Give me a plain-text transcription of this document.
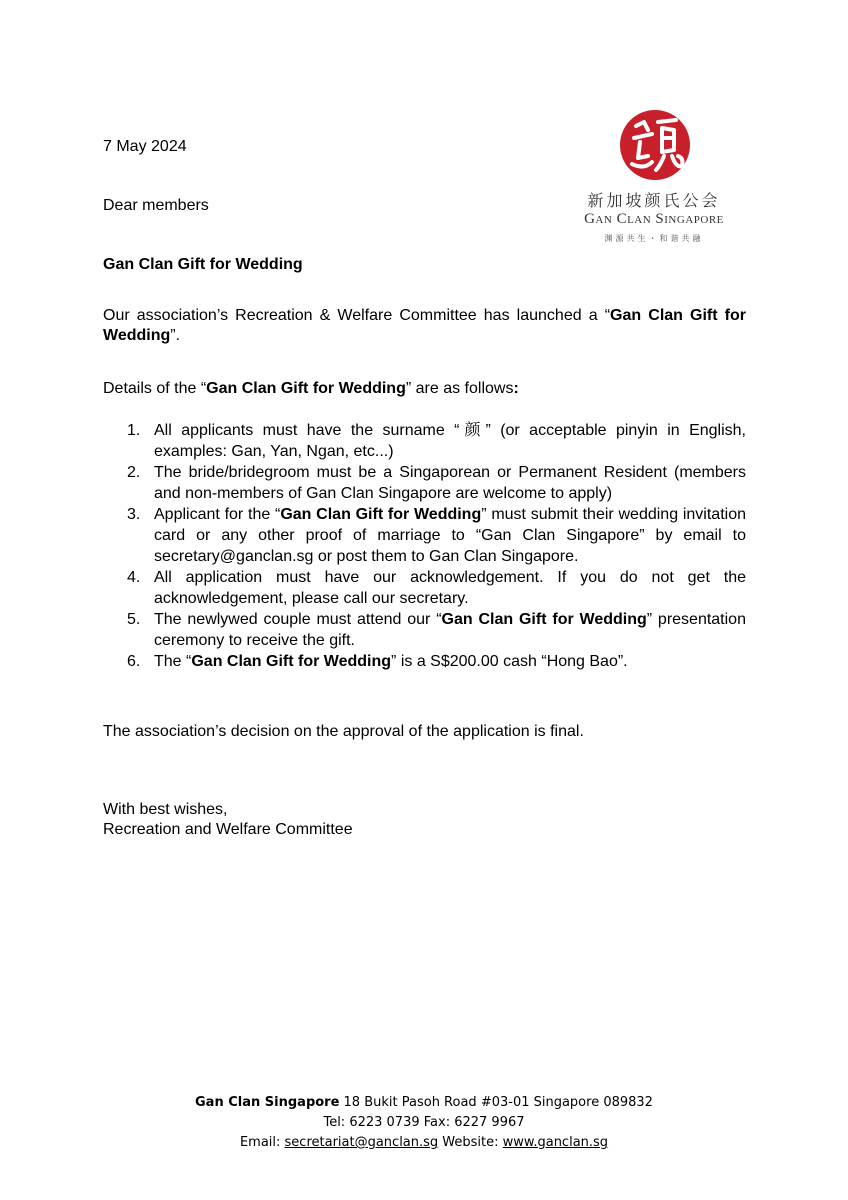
新加坡颜氏公会
Gan Clan Singapore
渊源共生・和谐共融
7 May 2024
Dear members
Gan Clan Gift for Wedding
Our association’s Recreation & Welfare Committee has launched a “Gan Clan Gift for Wedding”.
Details of the “Gan Clan Gift for Wedding” are as follows:
1. All applicants must have the surname “颜” (or acceptable pinyin in English, examples: Gan, Yan, Ngan, etc...)
2. The bride/bridegroom must be a Singaporean or Permanent Resident (members and non-members of Gan Clan Singapore are welcome to apply)
3. Applicant for the “Gan Clan Gift for Wedding” must submit their wedding invitation card or any other proof of marriage to “Gan Clan Singapore” by email to secretary@ganclan.sg or post them to Gan Clan Singapore.
4. All application must have our acknowledgement. If you do not get the acknowledgement, please call our secretary.
5. The newlywed couple must attend our “Gan Clan Gift for Wedding” presentation ceremony to receive the gift.
6. The “Gan Clan Gift for Wedding” is a S$200.00 cash “Hong Bao”.
The association’s decision on the approval of the application is final.
With best wishes,
Recreation and Welfare Committee
Gan Clan Singapore 18 Bukit Pasoh Road #03-01 Singapore 089832
Tel: 6223 0739 Fax: 6227 9967
Email: secretariat@ganclan.sg Website: www.ganclan.sg
